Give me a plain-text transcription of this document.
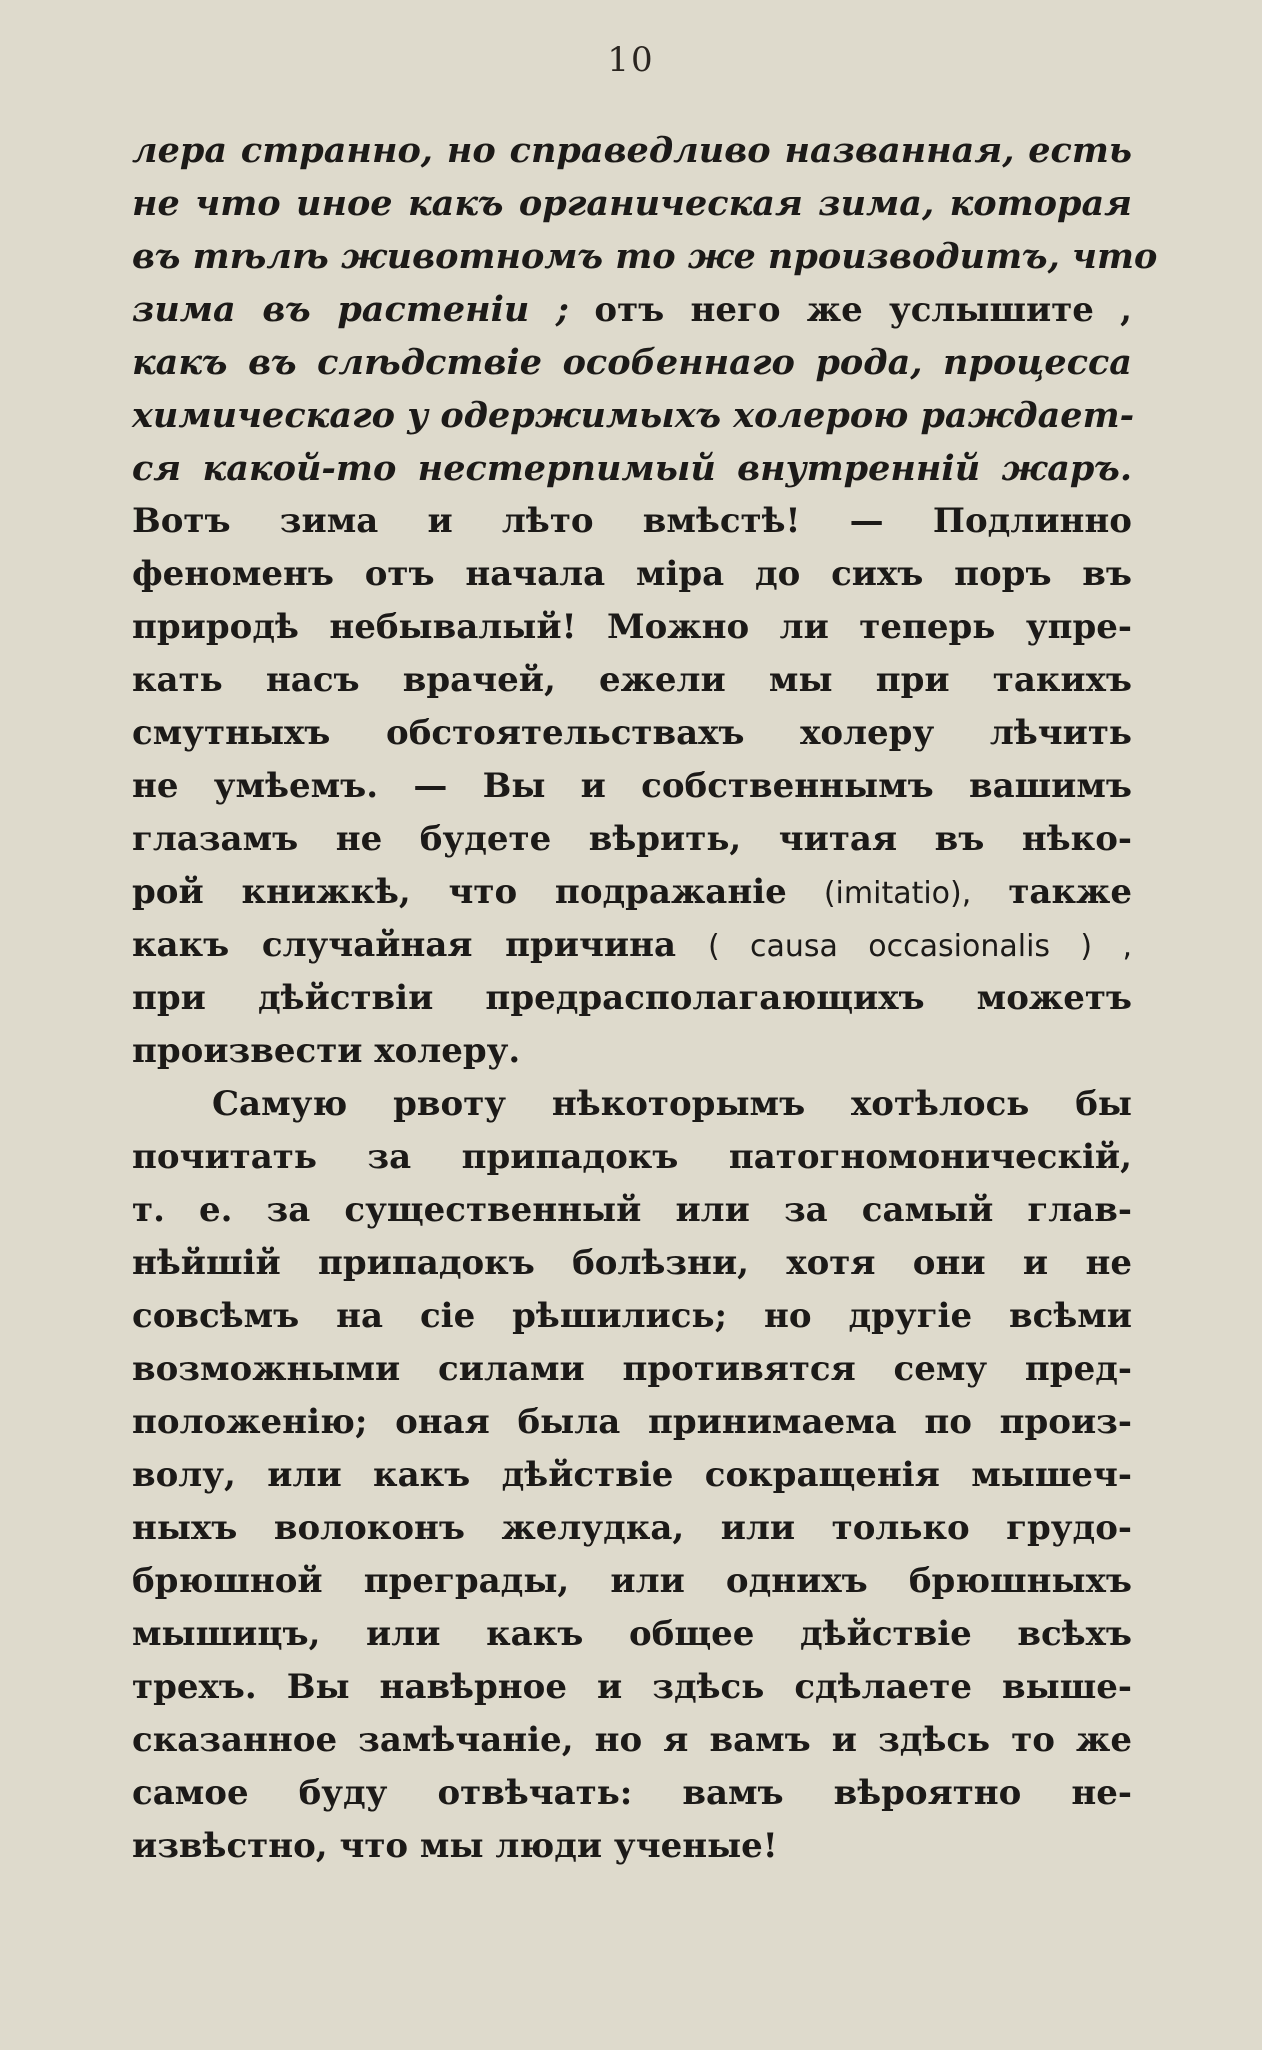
10
лера странно, но справедливо названная, есть
не что иное какъ органическая зима, которая
въ тѣлѣ животномъ то же производитъ, что
зима въ растеніи ; отъ него же услышите ,
какъ въ слѣдствіе особеннаго рода, процесса
химическаго у одержимыхъ холерою раждает-
ся какой-то нестерпимый внутренній жаръ.
Вотъ зима и лѣто вмѣстѣ! — Подлинно
феноменъ отъ начала міра до сихъ поръ въ
природѣ небывалый! Можно ли теперь упре-
кать насъ врачей, ежели мы при такихъ
смутныхъ обстоятельствахъ холеру лѣчить
не умѣемъ. — Вы и собственнымъ вашимъ
глазамъ не будете вѣрить, читая въ нѣко-
рой книжкѣ, что подражаніе (imitatio), также
какъ случайная причина ( causa occasionalis ) ,
при дѣйствіи предрасполагающихъ можетъ
произвести холеру.
Самую рвоту нѣкоторымъ хотѣлось бы
почитать за припадокъ патогномоническій,
т. е. за существенный или за самый глав-
нѣйшій припадокъ болѣзни, хотя они и не
совсѣмъ на сіе рѣшились; но другіе всѣми
возможными силами противятся сему пред-
положенію; оная была принимаема по произ-
волу, или какъ дѣйствіе сокращенія мышеч-
ныхъ волоконъ желудка, или только грудо-
брюшной преграды, или однихъ брюшныхъ
мышицъ, или какъ общее дѣйствіе всѣхъ
трехъ. Вы навѣрное и здѣсь сдѣлаете выше-
сказанное замѣчаніе, но я вамъ и здѣсь то же
самое буду отвѣчать: вамъ вѣроятно не-
извѣстно, что мы люди ученые!
